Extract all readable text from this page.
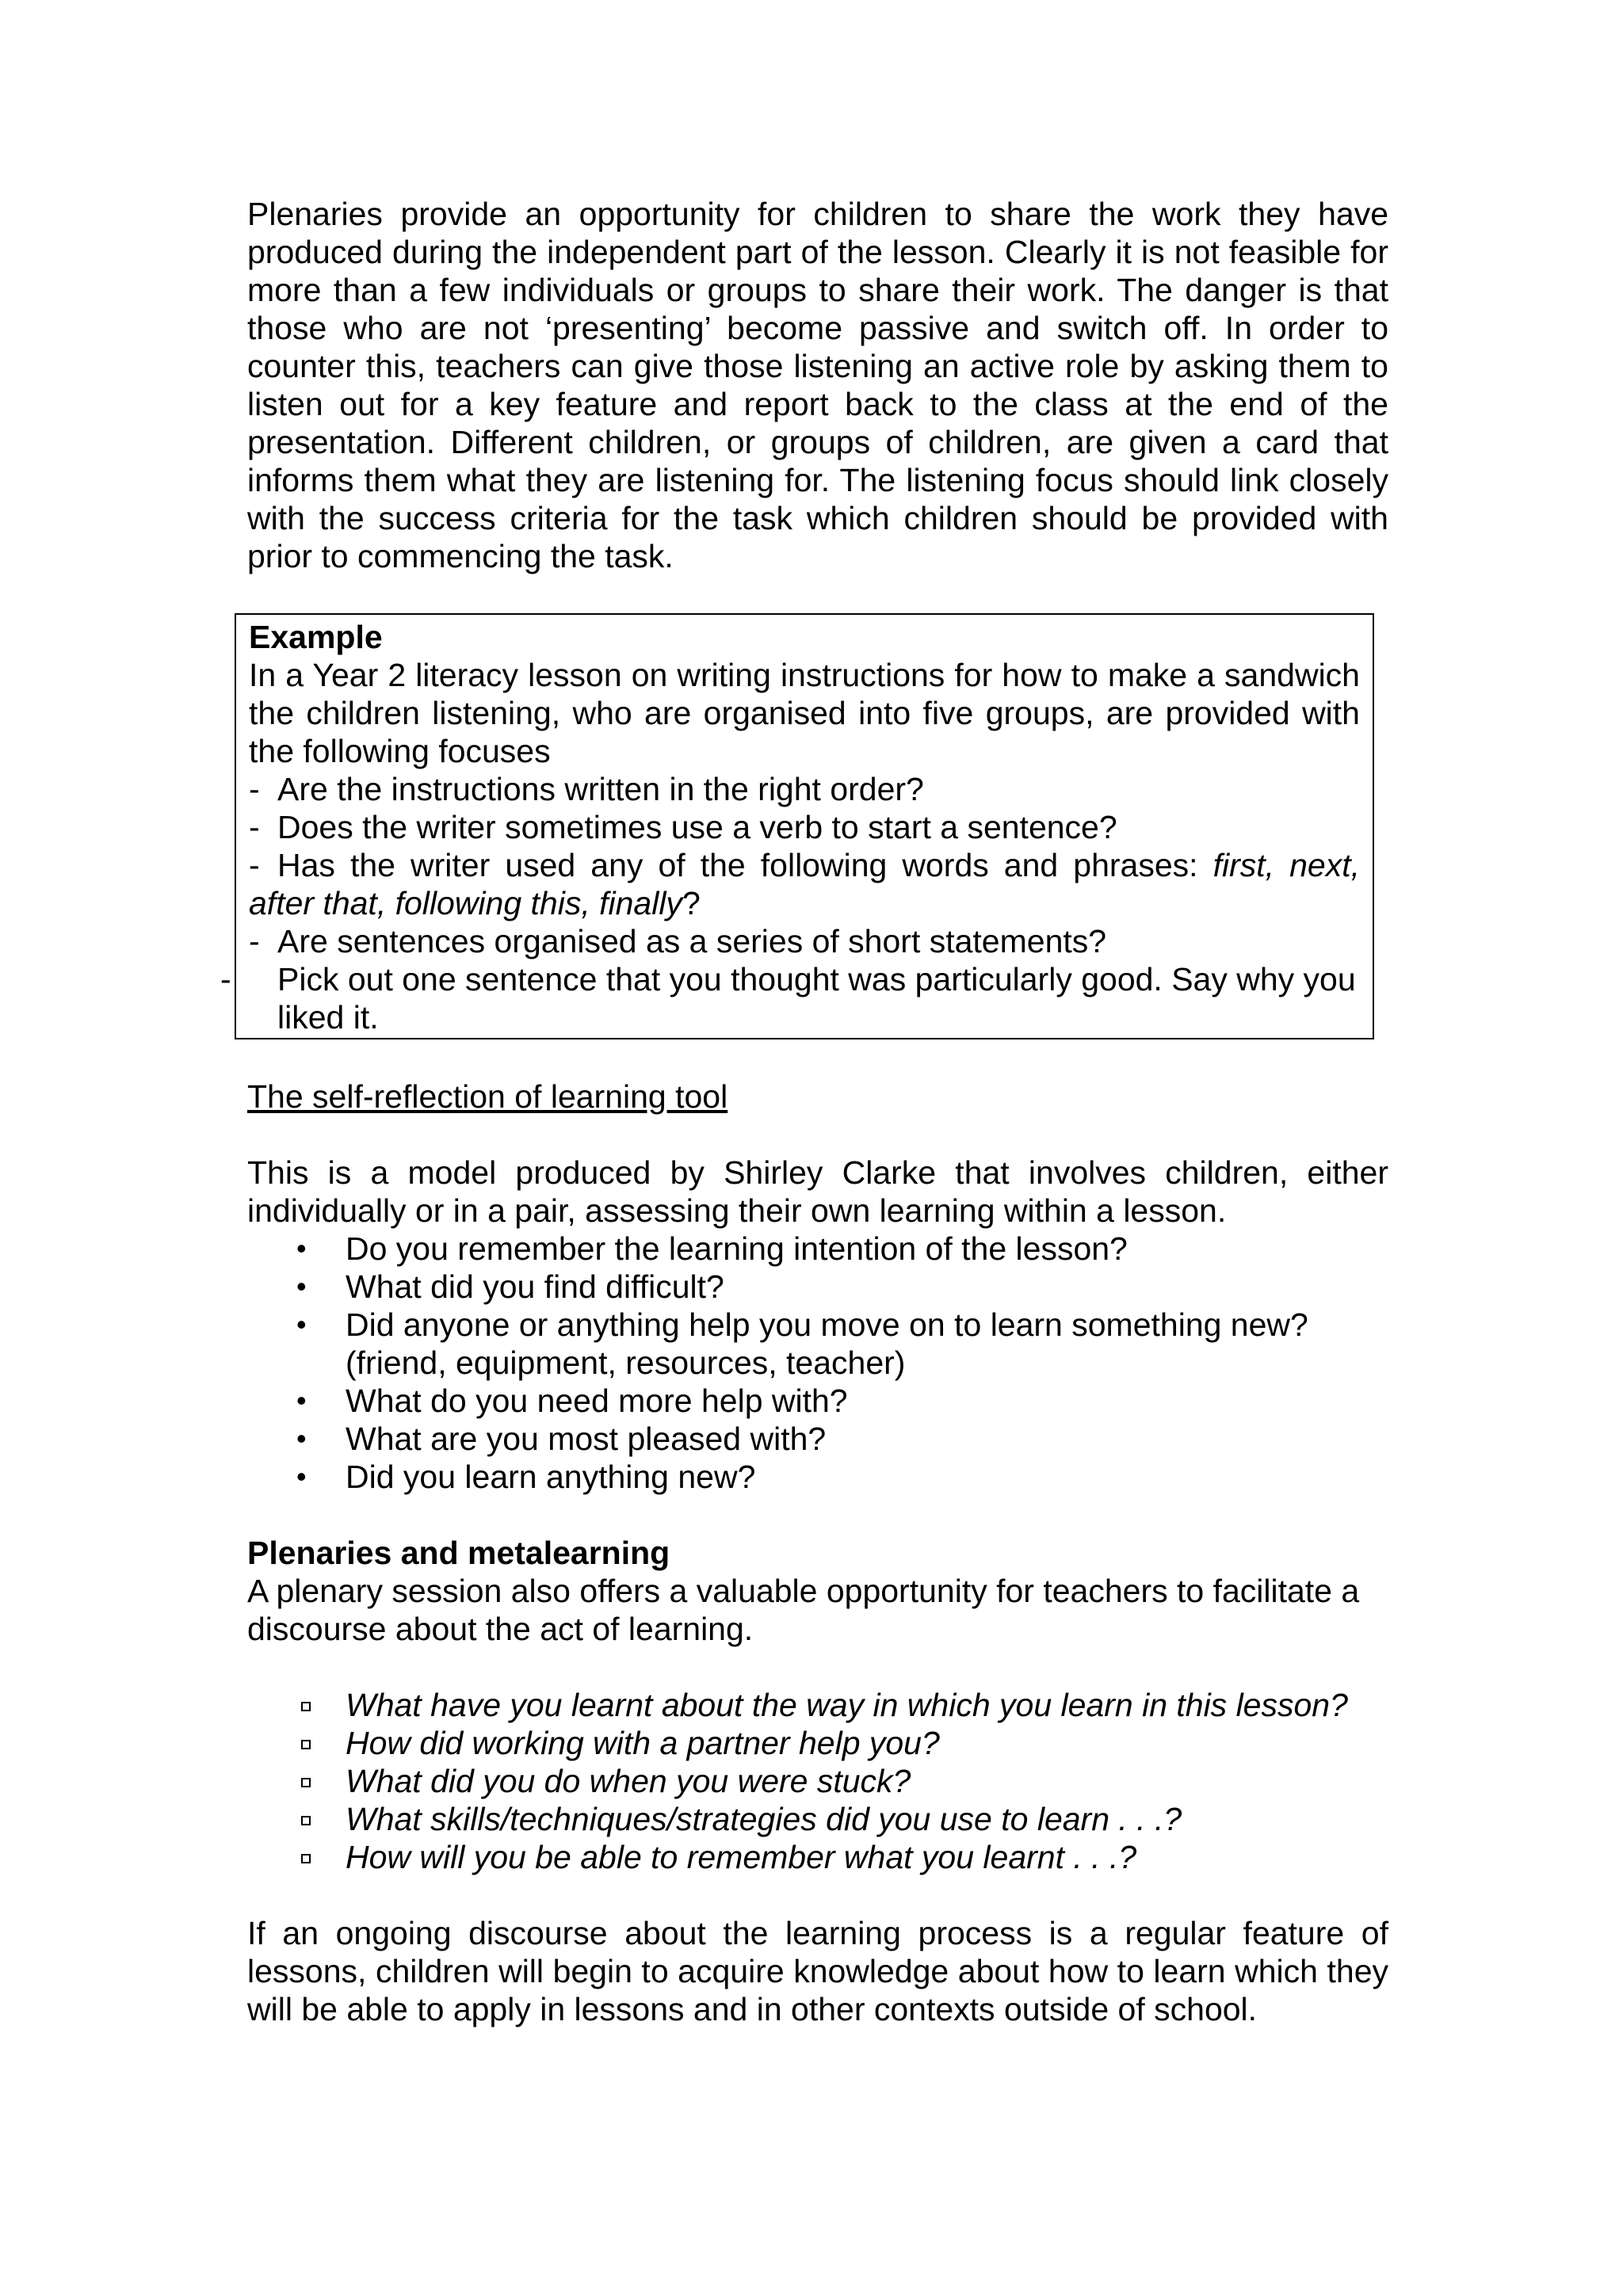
Plenaries provide an opportunity for children to share the work they have produced during the independent part of the lesson. Clearly it is not feasible for more than a few individuals or groups to share their work. The danger is that those who are not ‘presenting’ become passive and switch off. In order to counter this, teachers can give those listening an active role by asking them to listen out for a key feature and report back to the class at the end of the presentation. Different children, or groups of children, are given a card that informs them what they are listening for. The listening focus should link closely with the success criteria for the task which children should be provided with prior to commencing the task.

Example

In a Year 2 literacy lesson on writing instructions for how to make a sandwich the children listening, who are organised into five groups, are provided with the following focuses

- Are the instructions written in the right order?

- Does the writer sometimes use a verb to start a sentence?

- Has the writer used any of the following words and phrases: first, next, after that, following this, finally?

- Are sentences organised as a series of short statements?

- Pick out one sentence that you thought was particularly good. Say why you liked it.

The self-reflection of learning tool

This is a model produced by Shirley Clarke that involves children, either individually or in a pair, assessing their own learning within a lesson.

• Do you remember the learning intention of the lesson?
• What did you find difficult?
• Did anyone or anything help you move on to learn something new? (friend, equipment, resources, teacher)
• What do you need more help with?
• What are you most pleased with?
• Did you learn anything new?

Plenaries and metalearning

A plenary session also offers a valuable opportunity for teachers to facilitate a discourse about the act of learning.

What have you learnt about the way in which you learn in this lesson?
How did working with a partner help you?
What did you do when you were stuck?
What skills/techniques/strategies did you use to learn . . .?
How will you be able to remember what you learnt . . .?

If an ongoing discourse about the learning process is a regular feature of lessons, children will begin to acquire knowledge about how to learn which they will be able to apply in lessons and in other contexts outside of school.
